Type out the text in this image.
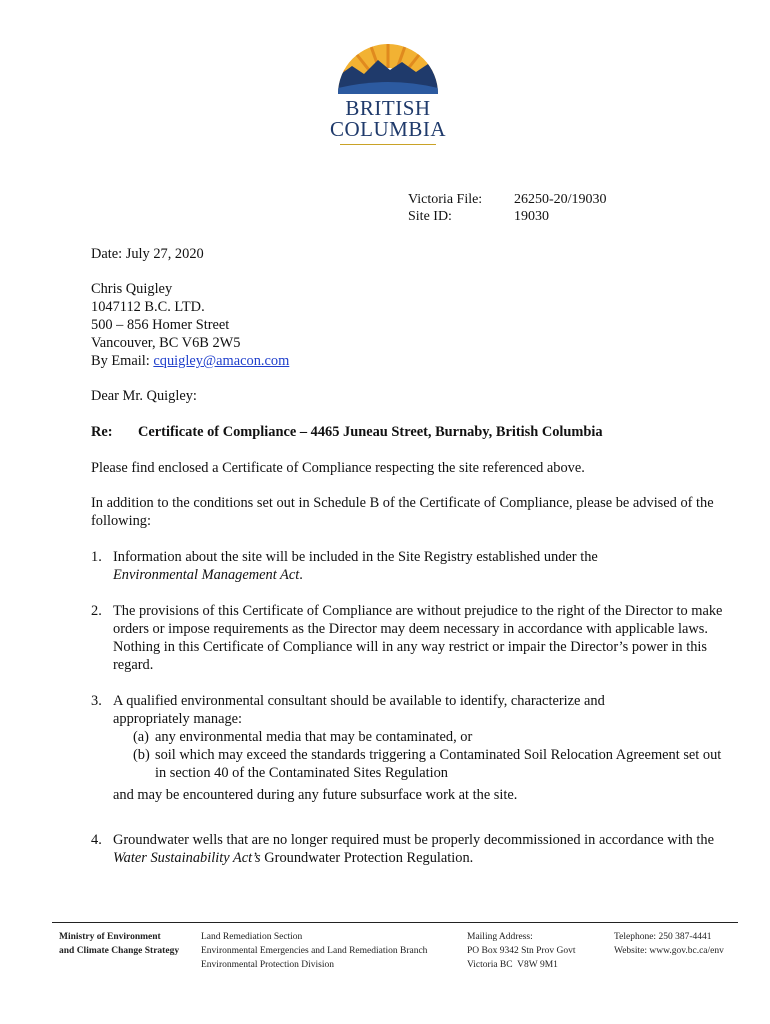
BRITISH
COLUMBIA
Victoria File:	26250-20/19030
Site ID:	19030
Date: July 27, 2020
Chris Quigley
1047112 B.C. LTD.
500 – 856 Homer Street
Vancouver, BC V6B 2W5
By Email: cquigley@amacon.com
Dear Mr. Quigley:
Re:	Certificate of Compliance – 4465 Juneau Street, Burnaby, British Columbia
Please find enclosed a Certificate of Compliance respecting the site referenced above.
In addition to the conditions set out in Schedule B of the Certificate of Compliance, please be advised of the following:
1. Information about the site will be included in the Site Registry established under the
Environmental Management Act.
2. The provisions of this Certificate of Compliance are without prejudice to the right of the Director to make orders or impose requirements as the Director may deem necessary in accordance with applicable laws. Nothing in this Certificate of Compliance will in any way restrict or impair the Director’s power in this regard.
3. A qualified environmental consultant should be available to identify, characterize and appropriately manage:
(a) any environmental media that may be contaminated, or
(b) soil which may exceed the standards triggering a Contaminated Soil Relocation Agreement set out in section 40 of the Contaminated Sites Regulation
and may be encountered during any future subsurface work at the site.
4. Groundwater wells that are no longer required must be properly decommissioned in accordance with the Water Sustainability Act’s Groundwater Protection Regulation.
Ministry of Environment
and Climate Change Strategy
Land Remediation Section
Environmental Emergencies and Land Remediation Branch
Environmental Protection Division
Mailing Address:
PO Box 9342 Stn Prov Govt
Victoria BC  V8W 9M1
Telephone: 250 387-4441
Website: www.gov.bc.ca/env
